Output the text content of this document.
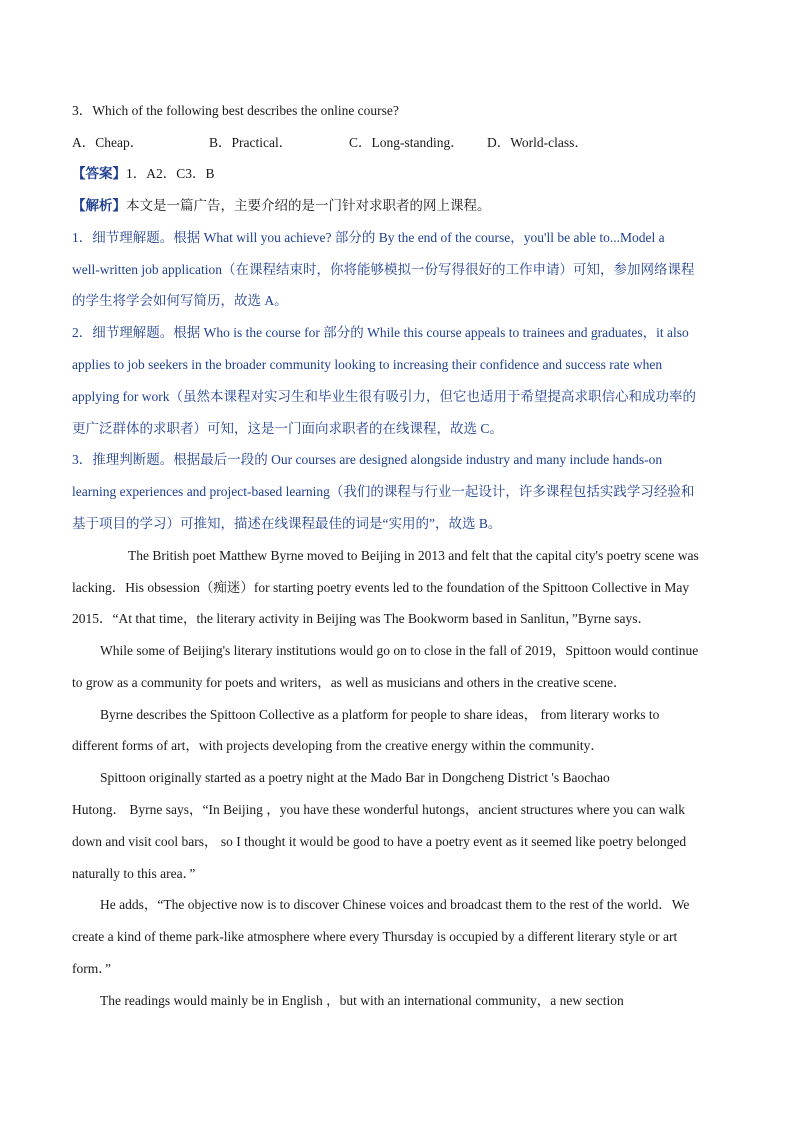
3．Which of the following best describes the online course?
A．Cheap．	B．Practical．	C．Long-standing． D．World-class．
【答案】1．A2．C3．B
【解析】本文是一篇广告，主要介绍的是一门针对求职者的网上课程。
1．细节理解题。根据 What will you achieve? 部分的 By the end of the course，you'll be able to...Model a
well-written job application（在课程结束时，你将能够模拟一份写得很好的工作申请）可知，参加网络课程
的学生将学会如何写简历，故选 A。
2．细节理解题。根据 Who is the course for 部分的 While this course appeals to trainees and graduates，it also
applies to job seekers in the broader community looking to increasing their confidence and success rate when
applying for work（虽然本课程对实习生和毕业生很有吸引力，但它也适用于希望提高求职信心和成功率的
更广泛群体的求职者）可知，这是一门面向求职者的在线课程，故选 C。
3．推理判断题。根据最后一段的 Our courses are designed alongside industry and many include hands-on
learning experiences and project-based learning（我们的课程与行业一起设计，许多课程包括实践学习经验和
基于项目的学习）可推知，描述在线课程最佳的词是“实用的”，故选 B。
The British poet Matthew Byrne moved to Beijing in 2013 and felt that the capital city's poetry scene was
lacking．His obsession（痴迷）for starting poetry events led to the foundation of the Spittoon Collective in May
2015．“At that time，the literary activity in Beijing was The Bookworm based in Sanlitun，”Byrne says．
While some of Beijing's literary institutions would go on to close in the fall of 2019，Spittoon would continue
to grow as a community for poets and writers，as well as musicians and others in the creative scene．
Byrne describes the Spittoon Collective as a platform for people to share ideas， from literary works to
different forms of art，with projects developing from the creative energy within the community．
Spittoon originally started as a poetry night at the Mado Bar in Dongcheng District 's Baochao
Hutong． Byrne says，“In Beijing ，you have these wonderful hutongs，ancient structures where you can walk
down and visit cool bars， so I thought it would be good to have a poetry event as it seemed like poetry belonged
naturally to this area．”
He adds，“The objective now is to discover Chinese voices and broadcast them to the rest of the world．We
create a kind of theme park-like atmosphere where every Thursday is occupied by a different literary style or art
form．”
The readings would mainly be in English ，but with an international community，a new section
